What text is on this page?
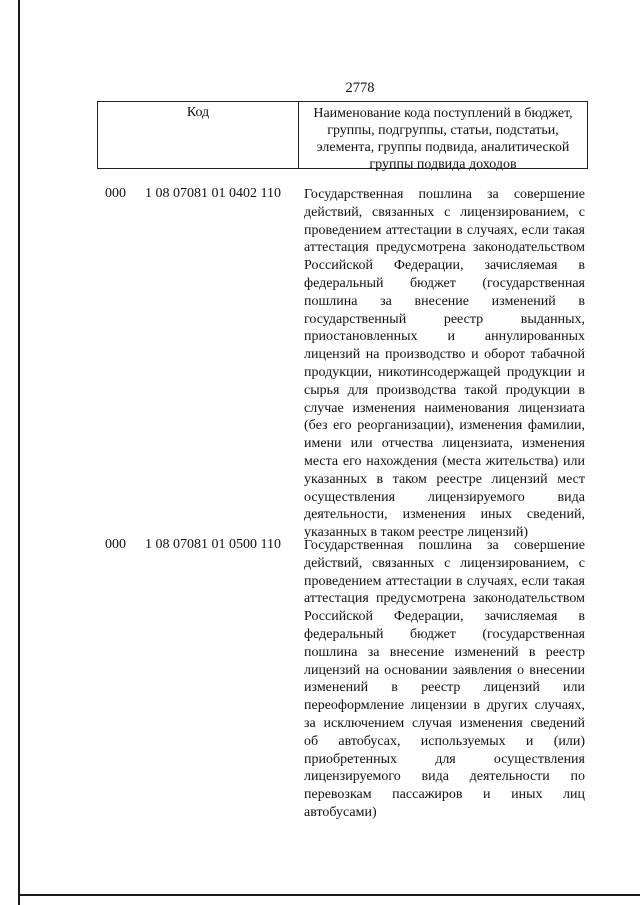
2778
Код	Наименование кода поступлений в бюджет, группы, подгруппы, статьи, подстатьи, элемента, группы подвида, аналитической группы подвида доходов
000 1 08 07081 01 0402 110 Государственная пошлина за совершение действий, связанных с лицензированием, с проведением аттестации в случаях, если такая аттестация предусмотрена законодательством Российской Федерации, зачисляемая в федеральный бюджет (государственная пошлина за внесение изменений в государственный реестр выданных, приостановленных и аннулированных лицензий на производство и оборот табачной продукции, никотинсодержащей продукции и сырья для производства такой продукции в случае изменения наименования лицензиата (без его реорганизации), изменения фамилии, имени или отчества лицензиата, изменения места его нахождения (места жительства) или указанных в таком реестре лицензий мест осуществления лицензируемого вида деятельности, изменения иных сведений, указанных в таком реестре лицензий)
000 1 08 07081 01 0500 110 Государственная пошлина за совершение действий, связанных с лицензированием, с проведением аттестации в случаях, если такая аттестация предусмотрена законодательством Российской Федерации, зачисляемая в федеральный бюджет (государственная пошлина за внесение изменений в реестр лицензий на основании заявления о внесении изменений в реестр лицензий или переоформление лицензии в других случаях, за исключением случая изменения сведений об автобусах, используемых и (или) приобретенных для осуществления лицензируемого вида деятельности по перевозкам пассажиров и иных лиц автобусами)
